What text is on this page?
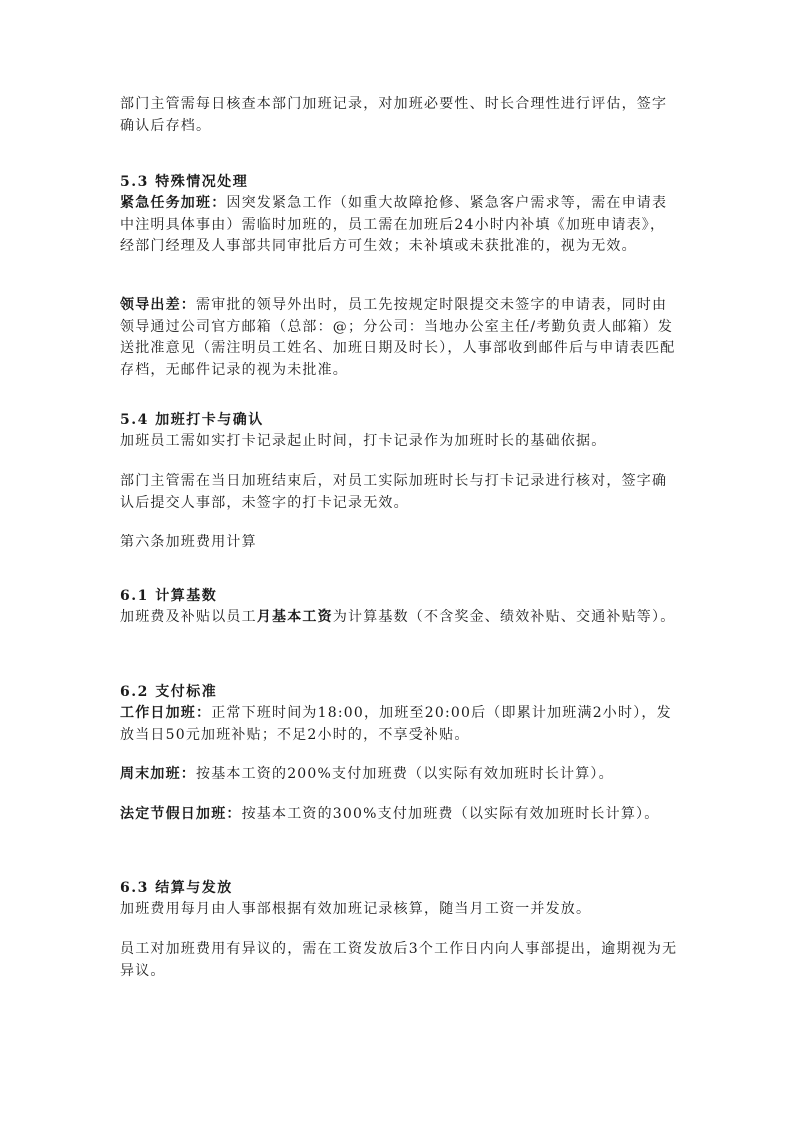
部门主管需每日核查本部门加班记录，对加班必要性、时长合理性进行评估，签字确认后存档。

5.3 特殊情况处理

紧急任务加班：因突发紧急工作（如重大故障抢修、紧急客户需求等，需在申请表中注明具体事由）需临时加班的，员工需在加班后24小时内补填《加班申请表》，经部门经理及人事部共同审批后方可生效；未补填或未获批准的，视为无效。

领导出差：需审批的领导外出时，员工先按规定时限提交未签字的申请表，同时由领导通过公司官方邮箱（总部：@；分公司：当地办公室主任/考勤负责人邮箱）发送批准意见（需注明员工姓名、加班日期及时长），人事部收到邮件后与申请表匹配存档，无邮件记录的视为未批准。

5.4 加班打卡与确认

加班员工需如实打卡记录起止时间，打卡记录作为加班时长的基础依据。

部门主管需在当日加班结束后，对员工实际加班时长与打卡记录进行核对，签字确认后提交人事部，未签字的打卡记录无效。

第六条加班费用计算

6.1 计算基数

加班费及补贴以员工月基本工资为计算基数（不含奖金、绩效补贴、交通补贴等）。

6.2 支付标准

工作日加班：正常下班时间为18:00，加班至20:00后（即累计加班满2小时），发放当日50元加班补贴；不足2小时的，不享受补贴。

周末加班：按基本工资的200%支付加班费（以实际有效加班时长计算）。

法定节假日加班：按基本工资的300%支付加班费（以实际有效加班时长计算）。

6.3 结算与发放

加班费用每月由人事部根据有效加班记录核算，随当月工资一并发放。

员工对加班费用有异议的，需在工资发放后3个工作日内向人事部提出，逾期视为无异议。
